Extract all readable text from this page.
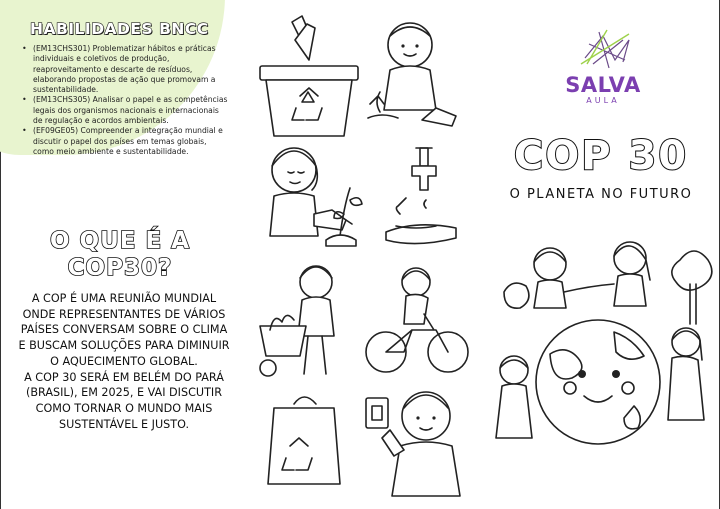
HABILIDADES BNCC
• (EM13CHS301) Problematizar hábitos e práticas individuais e coletivos de produção, reaproveitamento e descarte de resíduos, elaborando propostas de ação que promovam a sustentabilidade.
• (EM13CHS305) Analisar o papel e as competências legais dos organismos nacionais e internacionais de regulação e acordos ambientais.
• (EF09GE05) Compreender a integração mundial e discutir o papel dos países em temas globais, como meio ambiente e sustentabilidade.
O QUE É A COP30?
A COP É UMA REUNIÃO MUNDIAL ONDE REPRESENTANTES DE VÁRIOS PAÍSES CONVERSAM SOBRE O CLIMA E BUSCAM SOLUÇÕES PARA DIMINUIR O AQUECIMENTO GLOBAL.
A COP 30 SERÁ EM BELÉM DO PARÁ (BRASIL), EM 2025, E VAI DISCUTIR COMO TORNAR O MUNDO MAIS SUSTENTÁVEL E JUSTO.
SALVA
AULA
COP 30
O PLANETA NO FUTURO
